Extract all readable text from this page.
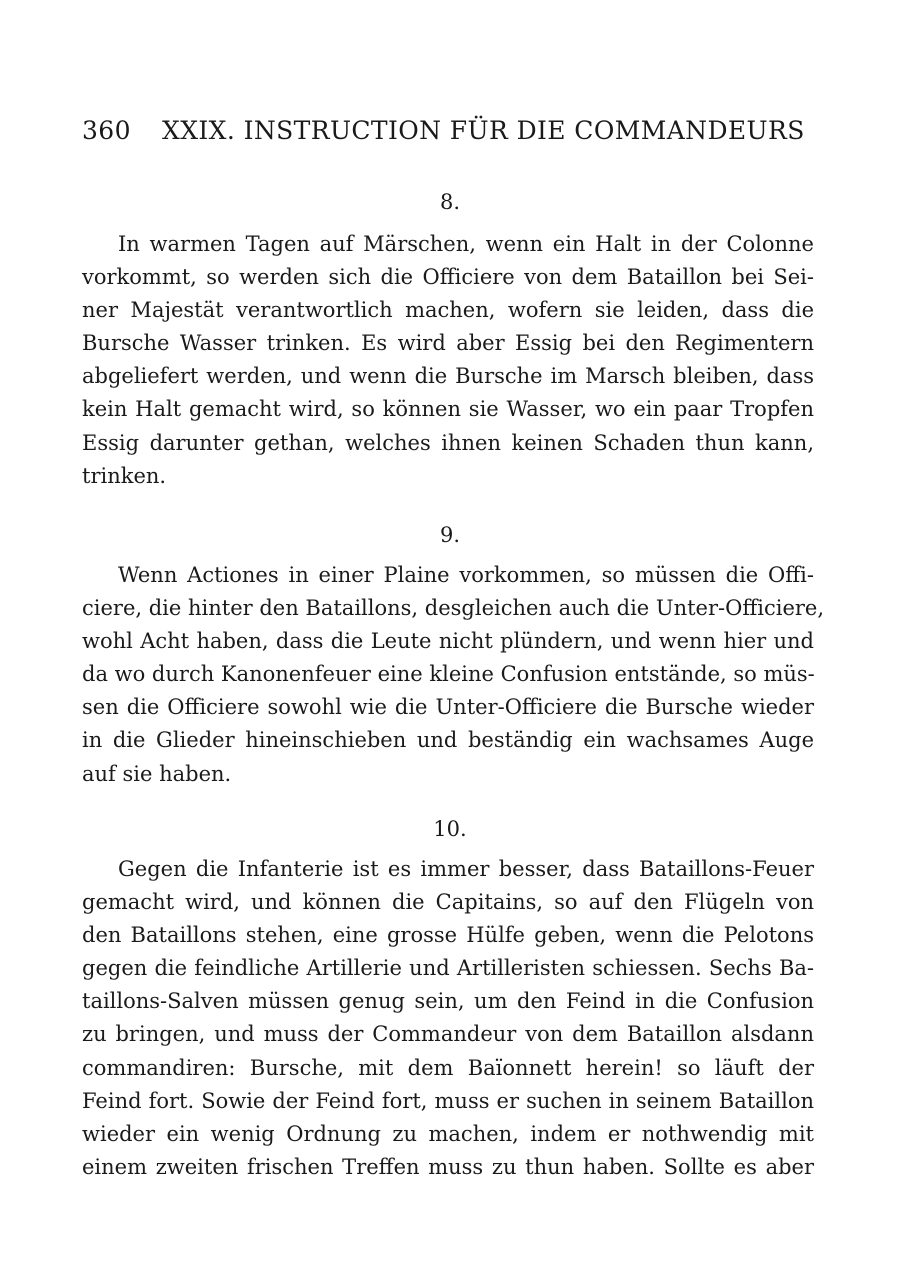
360 XXIX. INSTRUCTION FÜR DIE COMMANDEURS
8.
In warmen Tagen auf Märschen, wenn ein Halt in der Colonne
vorkommt, so werden sich die Officiere von dem Bataillon bei Sei-
ner Majestät verantwortlich machen, wofern sie leiden, dass die
Bursche Wasser trinken. Es wird aber Essig bei den Regimentern
abgeliefert werden, und wenn die Bursche im Marsch bleiben, dass
kein Halt gemacht wird, so können sie Wasser, wo ein paar Tropfen
Essig darunter gethan, welches ihnen keinen Schaden thun kann,
trinken.
9.
Wenn Actiones in einer Plaine vorkommen, so müssen die Offi-
ciere, die hinter den Bataillons, desgleichen auch die Unter-Officiere,
wohl Acht haben, dass die Leute nicht plündern, und wenn hier und
da wo durch Kanonenfeuer eine kleine Confusion entstände, so müs-
sen die Officiere sowohl wie die Unter-Officiere die Bursche wieder
in die Glieder hineinschieben und beständig ein wachsames Auge
auf sie haben.
10.
Gegen die Infanterie ist es immer besser, dass Bataillons-Feuer
gemacht wird, und können die Capitains, so auf den Flügeln von
den Bataillons stehen, eine grosse Hülfe geben, wenn die Pelotons
gegen die feindliche Artillerie und Artilleristen schiessen. Sechs Ba-
taillons-Salven müssen genug sein, um den Feind in die Confusion
zu bringen, und muss der Commandeur von dem Bataillon alsdann
commandiren: Bursche, mit dem Baïonnett herein! so läuft der
Feind fort. Sowie der Feind fort, muss er suchen in seinem Bataillon
wieder ein wenig Ordnung zu machen, indem er nothwendig mit
einem zweiten frischen Treffen muss zu thun haben. Sollte es aber
